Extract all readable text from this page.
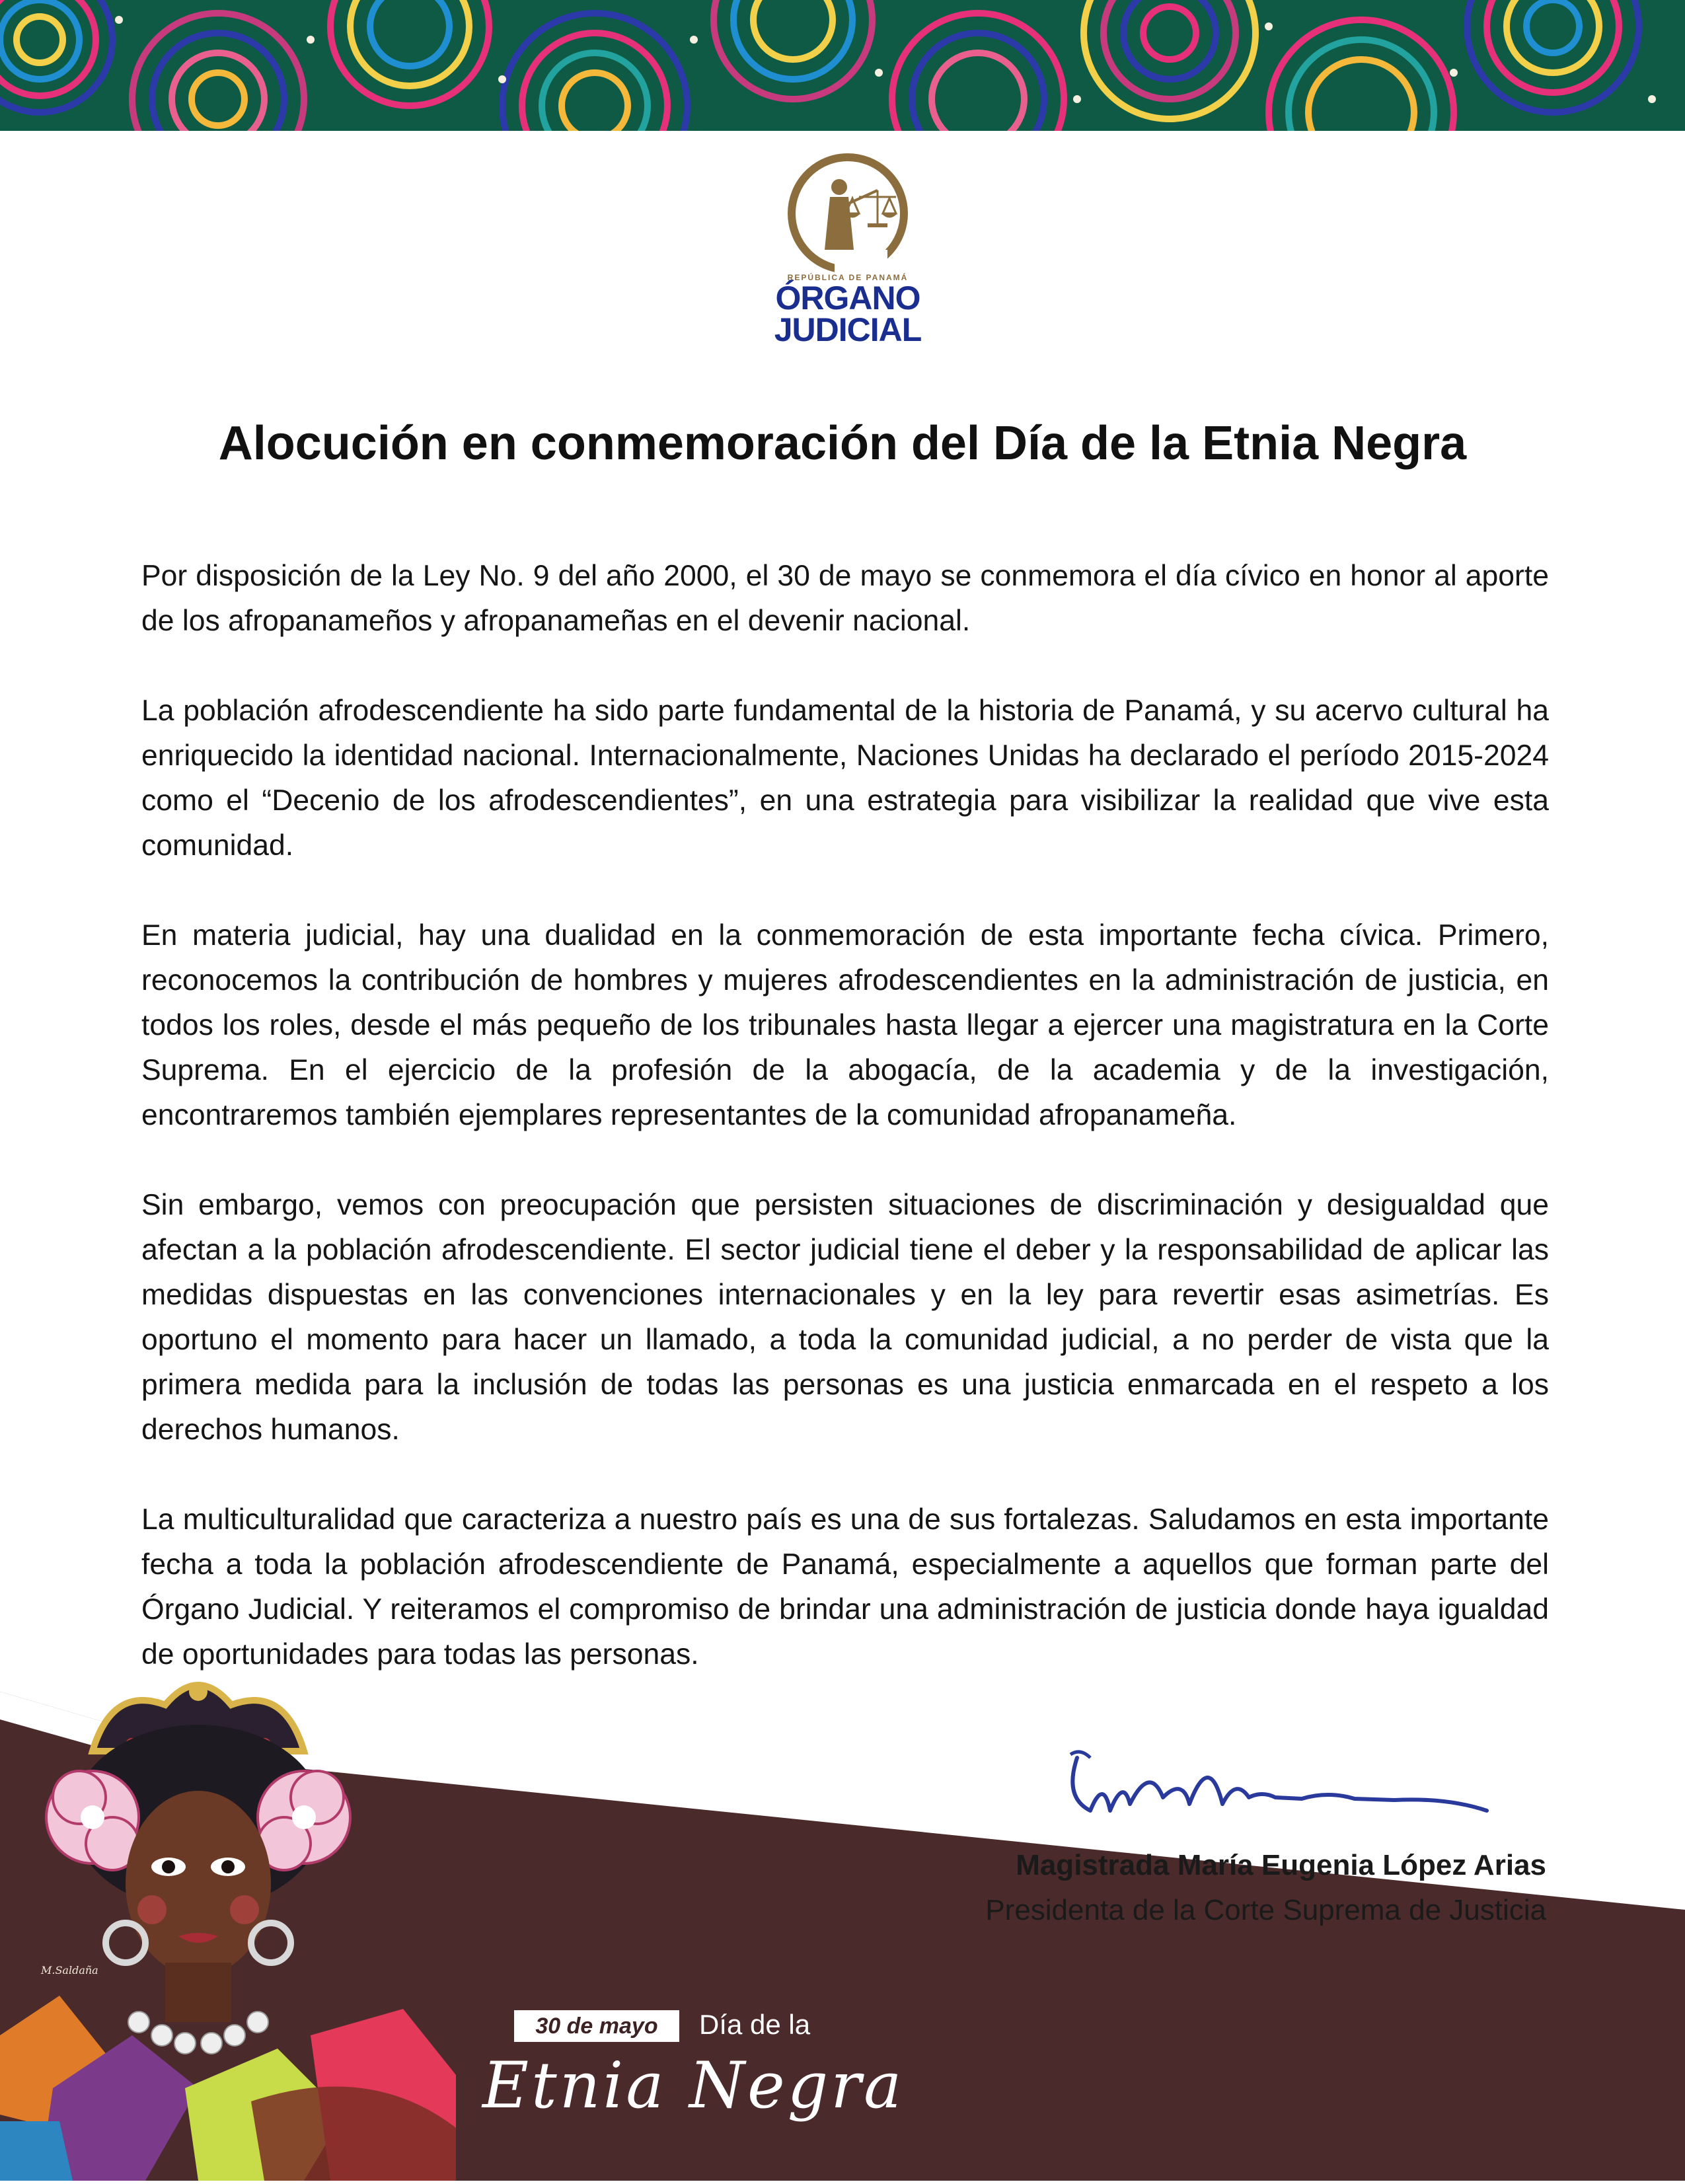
REPÚBLICA DE PANAMÁ
ÓRGANO
JUDICIAL
Alocución en conmemoración del Día de la Etnia Negra

Por disposición de la Ley No. 9 del año 2000, el 30 de mayo se conmemora el día cívico en honor al aporte de los afropanameños y afropanameñas en el devenir nacional.

La población afrodescendiente ha sido parte fundamental de la historia de Panamá, y su acervo cultural ha enriquecido la identidad nacional. Internacionalmente, Naciones Unidas ha declarado el período 2015-2024 como el “Decenio de los afrodescendientes”, en una estrategia para visibilizar la realidad que vive esta comunidad.

En materia judicial, hay una dualidad en la conmemoración de esta importante fecha cívica. Primero, reconocemos la contribución de hombres y mujeres afrodescendientes en la administración de justicia, en todos los roles, desde el más pequeño de los tribunales hasta llegar a ejercer una magistratura en la Corte Suprema. En el ejercicio de la profesión de la abogacía, de la academia y de la investigación, encontraremos también ejemplares representantes de la comunidad afropanameña.

Sin embargo, vemos con preocupación que persisten situaciones de discriminación y desigualdad que afectan a la población afrodescendiente. El sector judicial tiene el deber y la responsabilidad de aplicar las medidas dispuestas en las convenciones internacionales y en la ley para revertir esas asimetrías. Es oportuno el momento para hacer un llamado, a toda la comunidad judicial, a no perder de vista que la primera medida para la inclusión de todas las personas es una justicia enmarcada en el respeto a los derechos humanos.

La multiculturalidad que caracteriza a nuestro país es una de sus fortalezas. Saludamos en esta importante fecha a toda la población afrodescendiente de Panamá, especialmente a aquellos que forman parte del Órgano Judicial. Y reiteramos el compromiso de brindar una administración de justicia donde haya igualdad de oportunidades para todas las personas.

M.Saldaña
Magistrada María Eugenia López Arias
Presidenta de la Corte Suprema de Justicia
30 de mayo	Día de la
Etnia Negra
